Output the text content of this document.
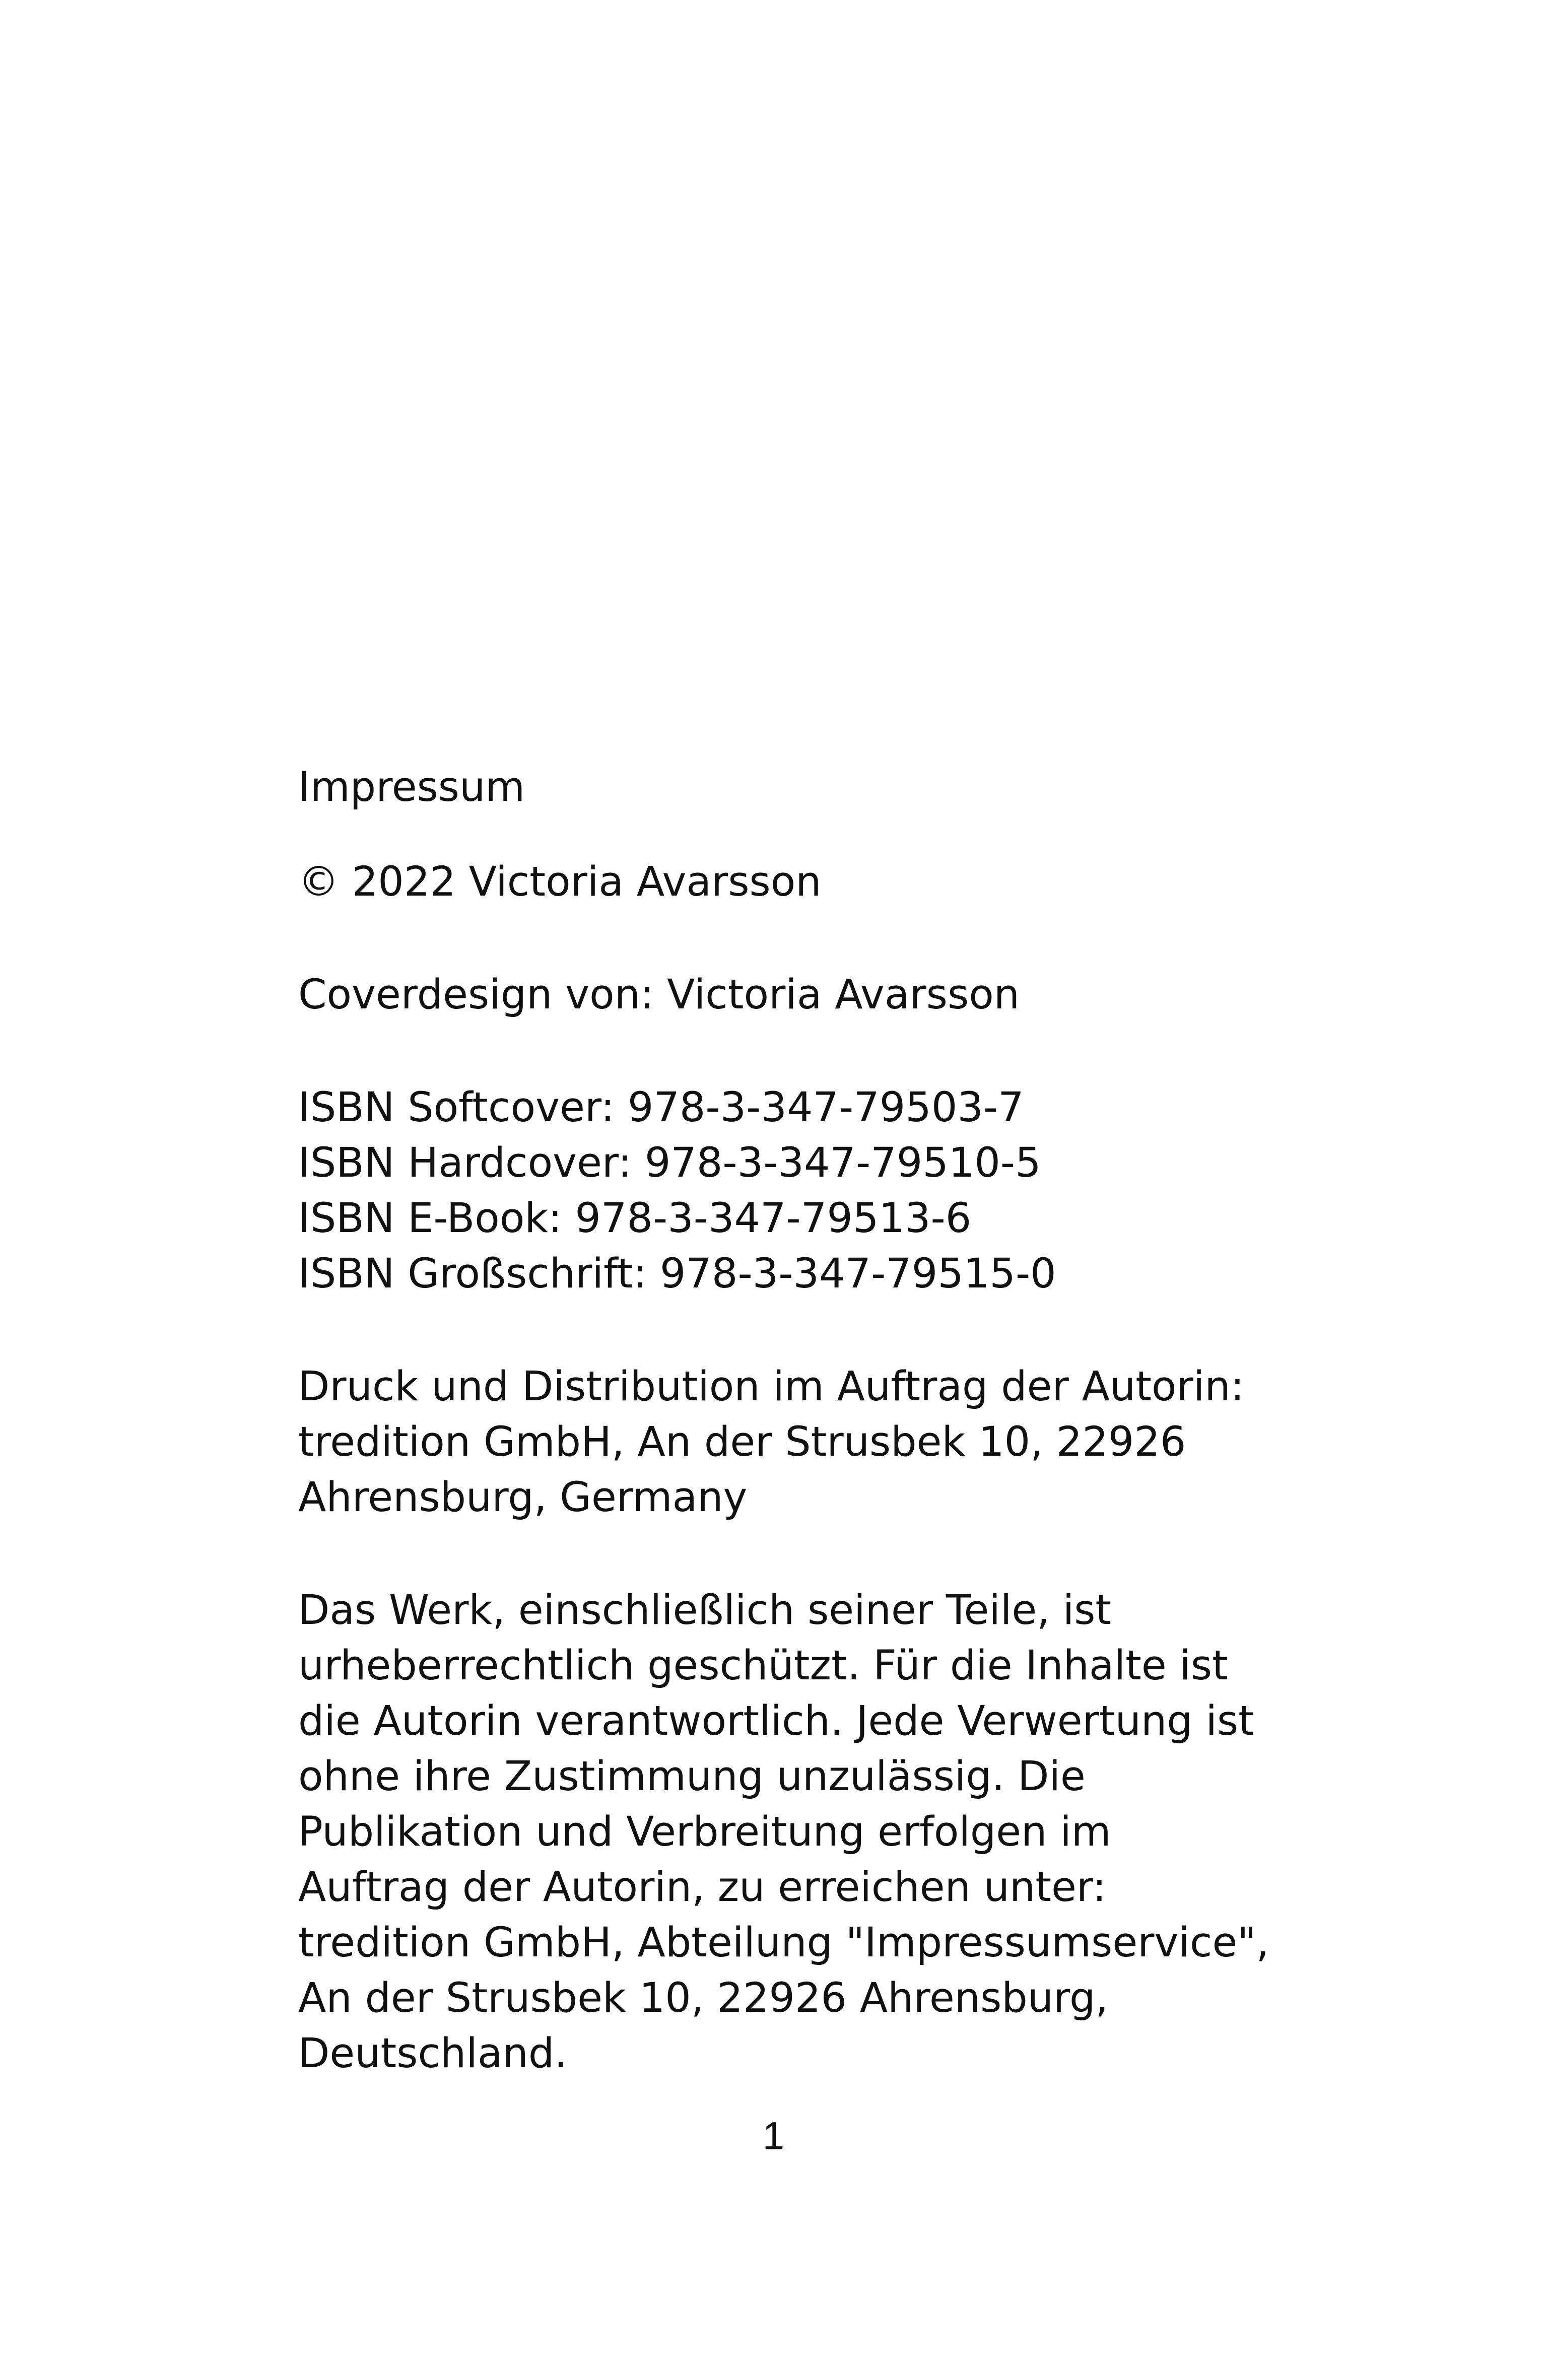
Impressum
© 2022 Victoria Avarsson
Coverdesign von: Victoria Avarsson
ISBN Softcover: 978-3-347-79503-7
ISBN Hardcover: 978-3-347-79510-5
ISBN E-Book: 978-3-347-79513-6
ISBN Großschrift: 978-3-347-79515-0
Druck und Distribution im Auftrag der Autorin:
tredition GmbH, An der Strusbek 10, 22926
Ahrensburg, Germany
Das Werk, einschließlich seiner Teile, ist
urheberrechtlich geschützt. Für die Inhalte ist
die Autorin verantwortlich. Jede Verwertung ist
ohne ihre Zustimmung unzulässig. Die
Publikation und Verbreitung erfolgen im
Auftrag der Autorin, zu erreichen unter:
tredition GmbH, Abteilung "Impressumservice",
An der Strusbek 10, 22926 Ahrensburg,
Deutschland.
1
